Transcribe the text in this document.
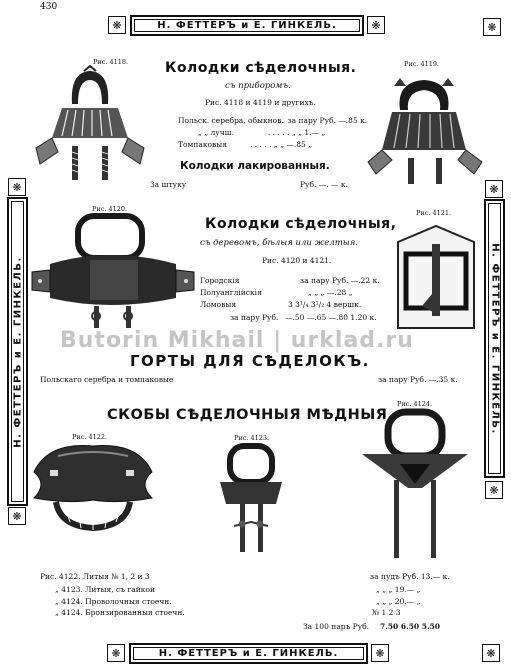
430
❋	Н. ФЕТТЕРЪ и Е. ГИНКЕЛЬ.	❋	❋
❋
Н. ФЕТТЕРЪ и Е. ГИНКЕЛЬ.
❋
❋
Н. ФЕТТЕРЪ и Е. ГИНКЕЛЬ.
❋
❋	Н. ФЕТТЕРЪ и Е. ГИНКЕЛЬ.	❋	❋
Рис. 4118.	Рис. 4119.
Колодки сѣделочныя.
съ приборомъ.
Рис. 4118 и 4119 и другихъ.
Польск. серебра, обыкнов.
. . за пару Руб. —.85 к.
„ „ лучш.	. . . . . „ „ 1.— „
Томпаковыя	. . . . . „ „ —.85 „
Колодки лакированныя.
За штуку	Руб. —. — к.
Рис. 4120.	Рис. 4121.
Колодки сѣделочныя,
съ деревомъ, бѣлыя или желтыя.
Рис. 4120 и 4121.
Городскія	за пару Руб. —.22 к.
Полуанглійскія	„ „ „ —.28 „
Ломовыя	3 3¹/₄ 3¹/₂ 4 вершк.
за пару Руб. —.50 —.65 —.80 1.20 к.
Butorin Mikhail | urklad.ru
ГОРТЫ ДЛЯ СѢДЕЛОКЪ.
Польскаго серебра и томпаковые	за пару Руб. —.35 к.
СКОБЫ СѢДЕЛОЧНЫЯ МѢДНЫЯ.
Рис. 4124.
Рис. 4122.	Рис. 4123.
Рис. 4122. Литыя № 1, 2 и 3	за пудъ Руб. 13.— к.
„ 4123. Литыя, съ гайкой	„ „ „ 19.— „
„ 4124. Проволочныя стоечн.	„ „ „ 20.— „
„ 4124. Бронзированныя стоечн.	№ 1 2 3
За 100 паръ Руб. 7.50 6.50 5.50
